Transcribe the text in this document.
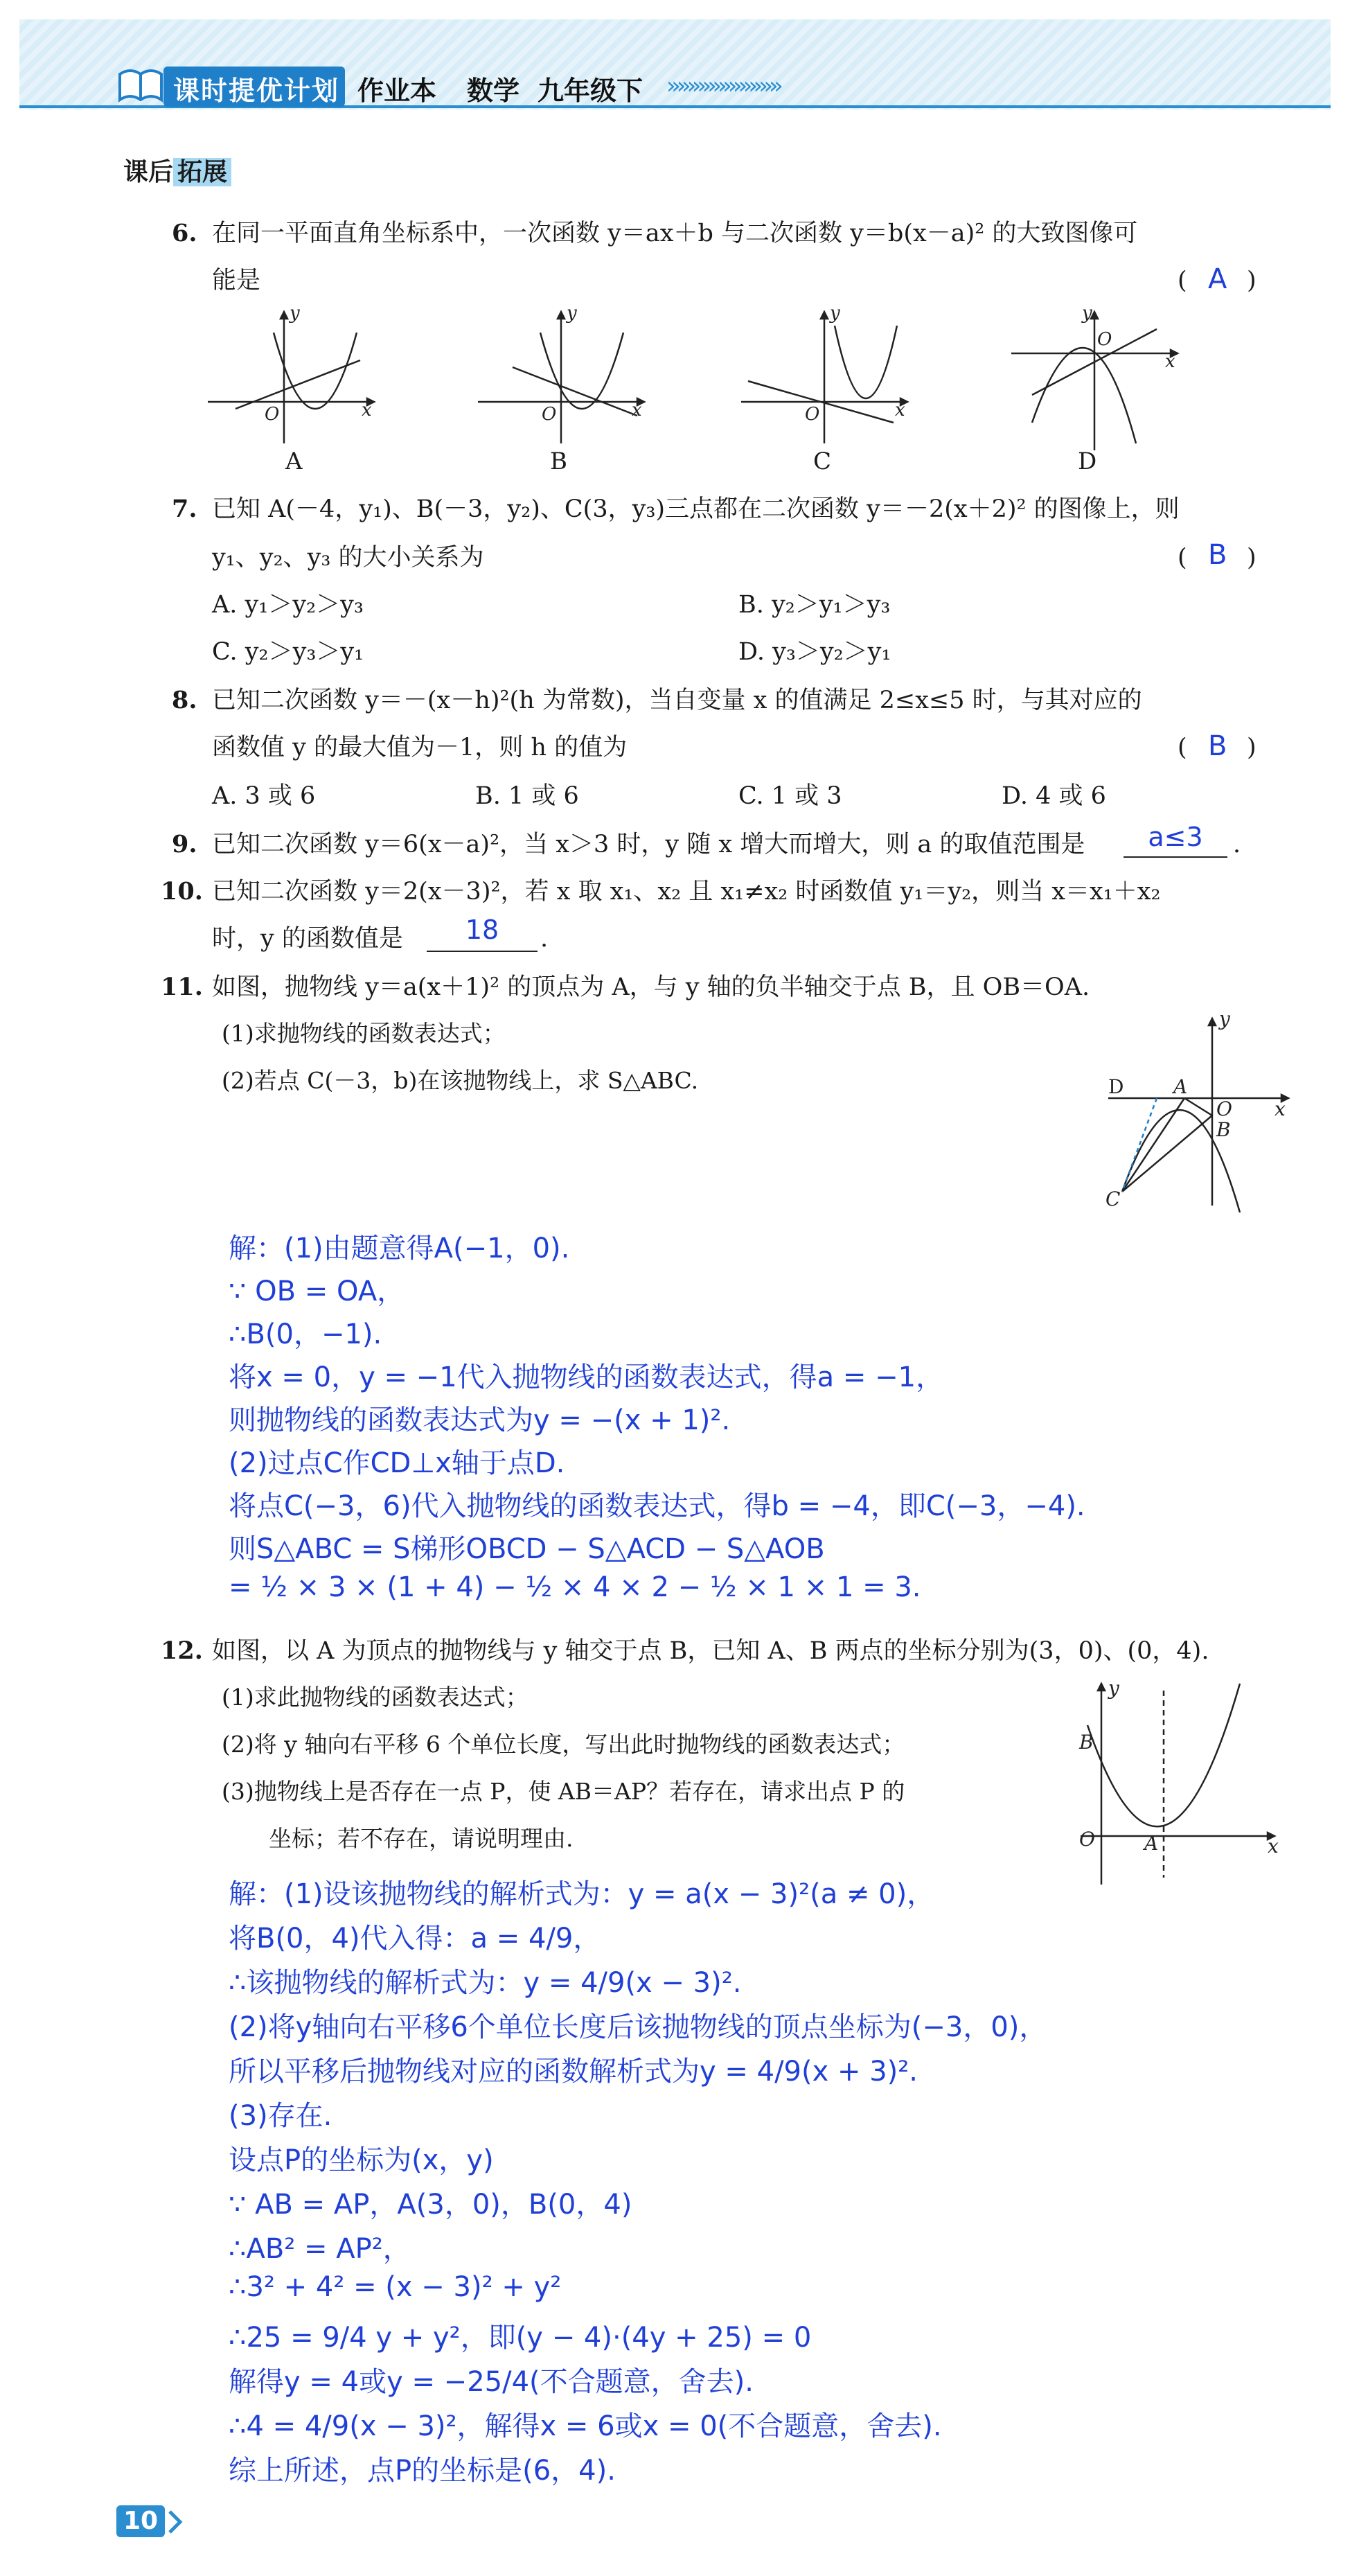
课时提优计划 作业本 数学 九年级下 »»»»»»»»»»»
课后 拓展
6. 在同一平面直角坐标系中，一次函数 y＝ax＋b 与二次函数 y＝b(x－a)² 的大致图像可
能是	( A )
x
y
O	x
y
O	x
y
O
x
y
O
A	B	C	D
7. 已知 A(－4，y₁)、B(－3，y₂)、C(3，y₃)三点都在二次函数 y＝－2(x＋2)² 的图像上，则
y₁、y₂、y₃ 的大小关系为	( B )
A. y₁＞y₂＞y₃	B. y₂＞y₁＞y₃
C. y₂＞y₃＞y₁	D. y₃＞y₂＞y₁
8. 已知二次函数 y＝－(x－h)²(h 为常数)，当自变量 x 的值满足 2≤x≤5 时，与其对应的
函数值 y 的最大值为－1，则 h 的值为	( B )
A. 3 或 6	B. 1 或 6	C. 1 或 3	D. 4 或 6
9. 已知二次函数 y＝6(x－a)²，当 x＞3 时，y 随 x 增大而增大，则 a 的取值范围是	a≤3	.
10. 已知二次函数 y＝2(x－3)²，若 x 取 x₁、x₂ 且 x₁≠x₂ 时函数值 y₁＝y₂，则当 x＝x₁＋x₂
时，y 的函数值是	18	.
11. 如图，抛物线 y＝a(x＋1)² 的顶点为 A，与 y 轴的负半轴交于点 B，且 OB＝OA.
(1)求抛物线的函数表达式；
(2)若点 C(－3，b)在该抛物线上，求 S△ABC.	D	A
O
B
C
x
y
解：(1)由题意得A(−1，0).
∵ OB = OA，
∴B(0，−1).
将x = 0，y = −1代入抛物线的函数表达式，得a = −1，
则抛物线的函数表达式为y = −(x + 1)².
(2)过点C作CD⊥x轴于点D.
将点C(−3，6)代入抛物线的函数表达式，得b = −4，即C(−3，−4).
则S△ABC = S梯形OBCD − S△ACD − S△AOB
= ½ × 3 × (1 + 4) − ½ × 4 × 2 − ½ × 1 × 1 = 3.
12. 如图，以 A 为顶点的抛物线与 y 轴交于点 B，已知 A、B 两点的坐标分别为(3，0)、(0，4).
(1)求此抛物线的函数表达式；
(2)将 y 轴向右平移 6 个单位长度，写出此时抛物线的函数表达式；
(3)抛物线上是否存在一点 P，使 AB＝AP？若存在，请求出点 P 的
坐标；若不存在，请说明理由.
B
O	A	x
y
解：(1)设该抛物线的解析式为：y = a(x − 3)²(a ≠ 0)，
将B(0，4)代入得：a = 4/9，
∴该抛物线的解析式为：y = 4/9(x − 3)².
(2)将y轴向右平移6个单位长度后该抛物线的顶点坐标为(−3，0)，
所以平移后抛物线对应的函数解析式为y = 4/9(x + 3)².
(3)存在.
设点P的坐标为(x，y)
∵ AB = AP，A(3，0)，B(0，4)
∴AB² = AP²，
∴3² + 4² = (x − 3)² + y²
∴25 = 9/4 y + y²，即(y − 4)·(4y + 25) = 0
解得y = 4或y = −25/4(不合题意，舍去).
∴4 = 4/9(x − 3)²，解得x = 6或x = 0(不合题意，舍去).
综上所述，点P的坐标是(6，4).
10
